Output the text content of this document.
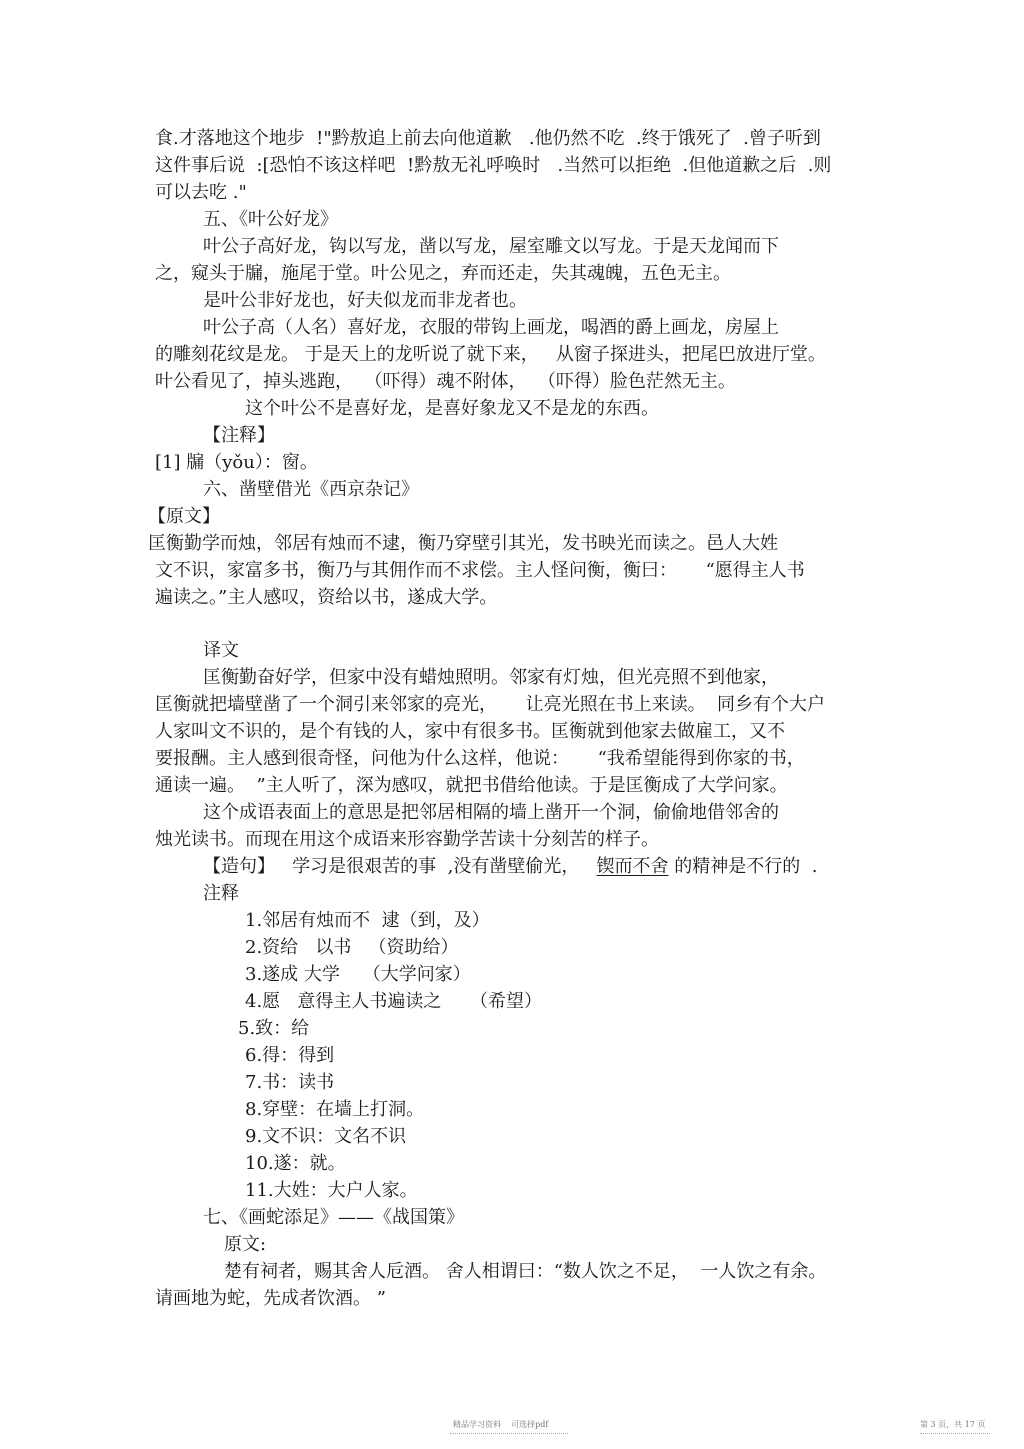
食.才落地这个地步  !"黔敖追上前去向他道歉   .他仍然不吃  .终于饿死了  .曾子听到
这件事后说  :[恐怕不该这样吧  !黔敖无礼呼唤时   .当然可以拒绝  .但他道歉之后  .则
可以去吃 ."
五、《叶公好龙》
叶公子高好龙，钩以写龙，凿以写龙，屋室雕文以写龙。于是天龙闻而下
之，窥头于牖，施尾于堂。叶公见之，弃而还走，失其魂魄，五色无主。
是叶公非好龙也，好夫似龙而非龙者也。
叶公子高（人名）喜好龙，衣服的带钩上画龙，喝酒的爵上画龙，房屋上
的雕刻花纹是龙。 于是天上的龙听说了就下来，   从窗子探进头，把尾巴放进厅堂。
叶公看见了，掉头逃跑，  （吓得）魂不附体，  （吓得）脸色茫然无主。
这个叶公不是喜好龙，是喜好象龙又不是龙的东西。
【注释】
[1] 牖（yǒu）：窗。
六、凿壁借光《西京杂记》
【原文】
匡衡勤学而烛，邻居有烛而不逮，衡乃穿壁引其光，发书映光而读之。邑人大姓
文不识，家富多书，衡乃与其佣作而不求偿。主人怪问衡，衡曰：     “愿得主人书
遍读之。”主人感叹，资给以书，遂成大学。
译文
匡衡勤奋好学，但家中没有蜡烛照明。邻家有灯烛，但光亮照不到他家，
匡衡就把墙壁凿了一个洞引来邻家的亮光，     让亮光照在书上来读。  同乡有个大户
人家叫文不识的，是个有钱的人，家中有很多书。匡衡就到他家去做雇工，又不
要报酬。主人感到很奇怪，问他为什么这样，他说：     “我希望能得到你家的书，
通读一遍。  ”主人听了，深为感叹，就把书借给他读。于是匡衡成了大学问家。
这个成语表面上的意思是把邻居相隔的墙上凿开一个洞，偷偷地借邻舍的
烛光读书。而现在用这个成语来形容勤学苦读十分刻苦的样子。
【造句】 学习是很艰苦的事  ,没有凿壁偷光， 锲而不舍 的精神是不行的  .
注释
1.邻居有烛而不  逮（到，及）
2.资给   以书   （资助给）
3.遂成 大学    （大学问家）
4.愿   意得主人书遍读之     （希望）
5.致：给
6.得：得到
7.书：读书
8.穿壁：在墙上打洞。
9.文不识：文名不识
10.遂：就。
11.大姓：大户人家。
七、《画蛇添足》——《战国策》
原文:
楚有祠者，赐其舍人卮酒。 舍人相谓曰：“数人饮之不足，  一人饮之有余。
请画地为蛇，先成者饮酒。 ”
精品学习资料    可选择pdf	第 3 页，共 17 页
